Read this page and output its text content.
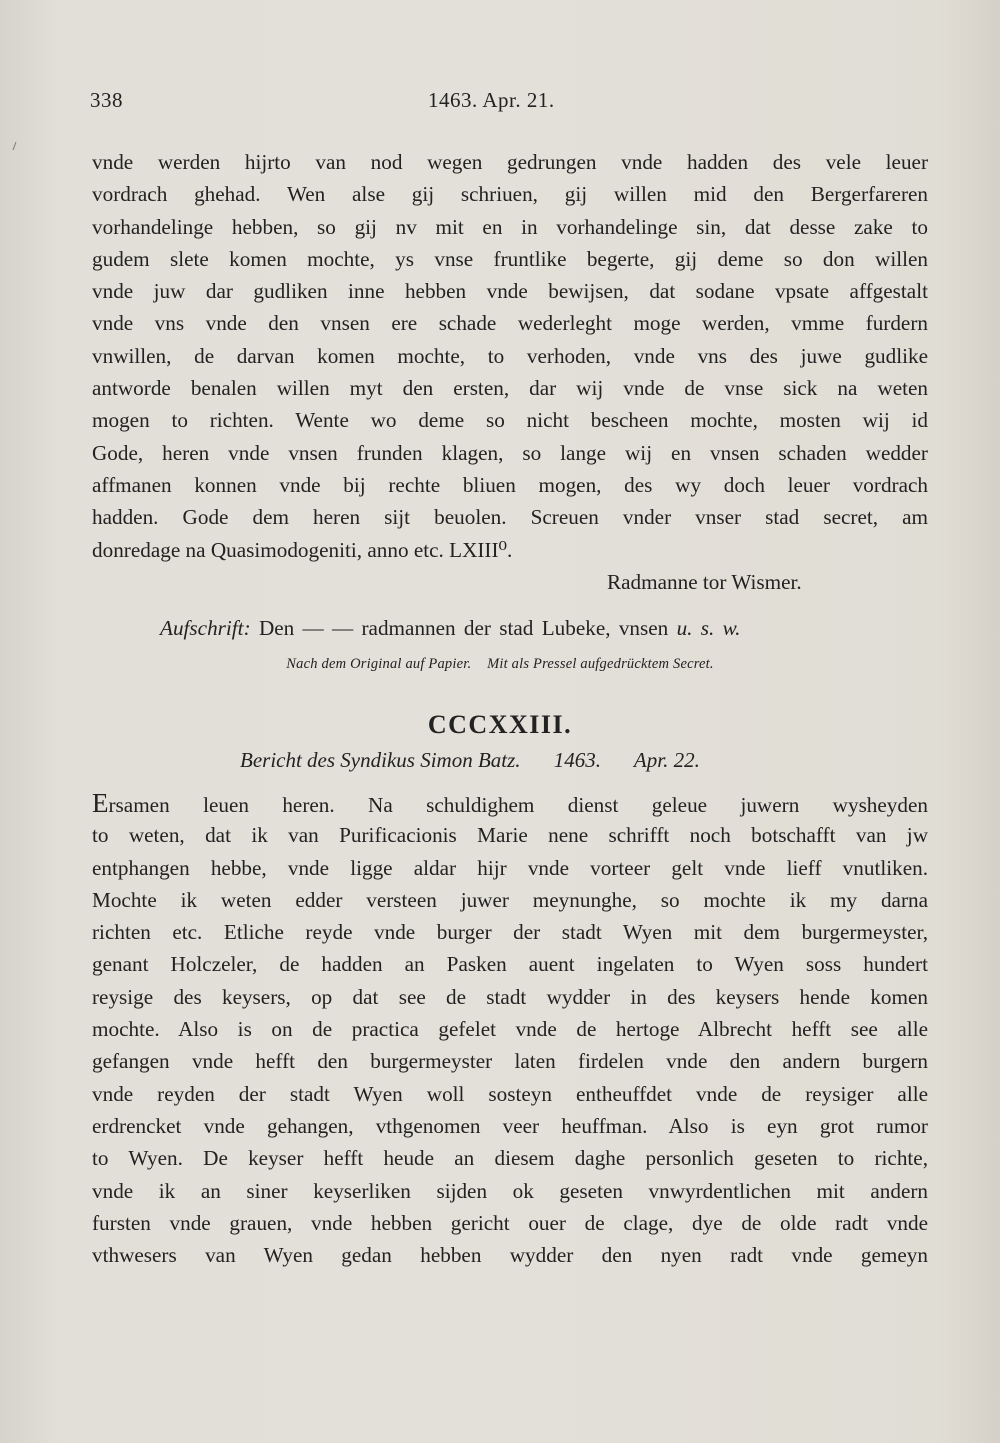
338	1463. Apr. 21.
vnde werden hijrto van nod wegen gedrungen vnde hadden des vele leuer
vordrach ghehad. Wen alse gij schriuen, gij willen mid den Bergerfareren
vorhandelinge hebben, so gij nv mit en in vorhandelinge sin, dat desse zake to
gudem slete komen mochte, ys vnse fruntlike begerte, gij deme so don willen
vnde juw dar gudliken inne hebben vnde bewijsen, dat sodane vpsate affgestalt
vnde vns vnde den vnsen ere schade wederleght moge werden, vmme furdern
vnwillen, de darvan komen mochte, to verhoden, vnde vns des juwe gudlike
antworde benalen willen myt den ersten, dar wij vnde de vnse sick na weten
mogen to richten. Wente wo deme so nicht bescheen mochte, mosten wij id
Gode, heren vnde vnsen frunden klagen, so lange wij en vnsen schaden wedder
affmanen konnen vnde bij rechte bliuen mogen, des wy doch leuer vordrach
hadden. Gode dem heren sijt beuolen. Screuen vnder vnser stad secret, am
donredage na Quasimodogeniti, anno etc. LXIII⁰.
Radmanne tor Wismer.
Aufschrift: Den — — radmannen der stad Lubeke, vnsen u. s. w.
Nach dem Original auf Papier. Mit als Pressel aufgedrücktem Secret.
CCCXXIII.
Bericht des Syndikus Simon Batz. 1463. Apr. 22.
Ersamen leuen heren. Na schuldighem dienst geleue juwern wysheyden
to weten, dat ik van Purificacionis Marie nene schrifft noch botschafft van jw
entphangen hebbe, vnde ligge aldar hijr vnde vorteer gelt vnde lieff vnutliken.
Mochte ik weten edder versteen juwer meynunghe, so mochte ik my darna
richten etc. Etliche reyde vnde burger der stadt Wyen mit dem burgermeyster,
genant Holczeler, de hadden an Pasken auent ingelaten to Wyen soss hundert
reysige des keysers, op dat see de stadt wydder in des keysers hende komen
mochte. Also is on de practica gefelet vnde de hertoge Albrecht hefft see alle
gefangen vnde hefft den burgermeyster laten firdelen vnde den andern burgern
vnde reyden der stadt Wyen woll sosteyn entheuffdet vnde de reysiger alle
erdrencket vnde gehangen, vthgenomen veer heuffman. Also is eyn grot rumor
to Wyen. De keyser hefft heude an diesem daghe personlich geseten to richte,
vnde ik an siner keyserliken sijden ok geseten vnwyrdentlichen mit andern
fursten vnde grauen, vnde hebben gericht ouer de clage, dye de olde radt vnde
vthwesers van Wyen gedan hebben wydder den nyen radt vnde gemeyn
